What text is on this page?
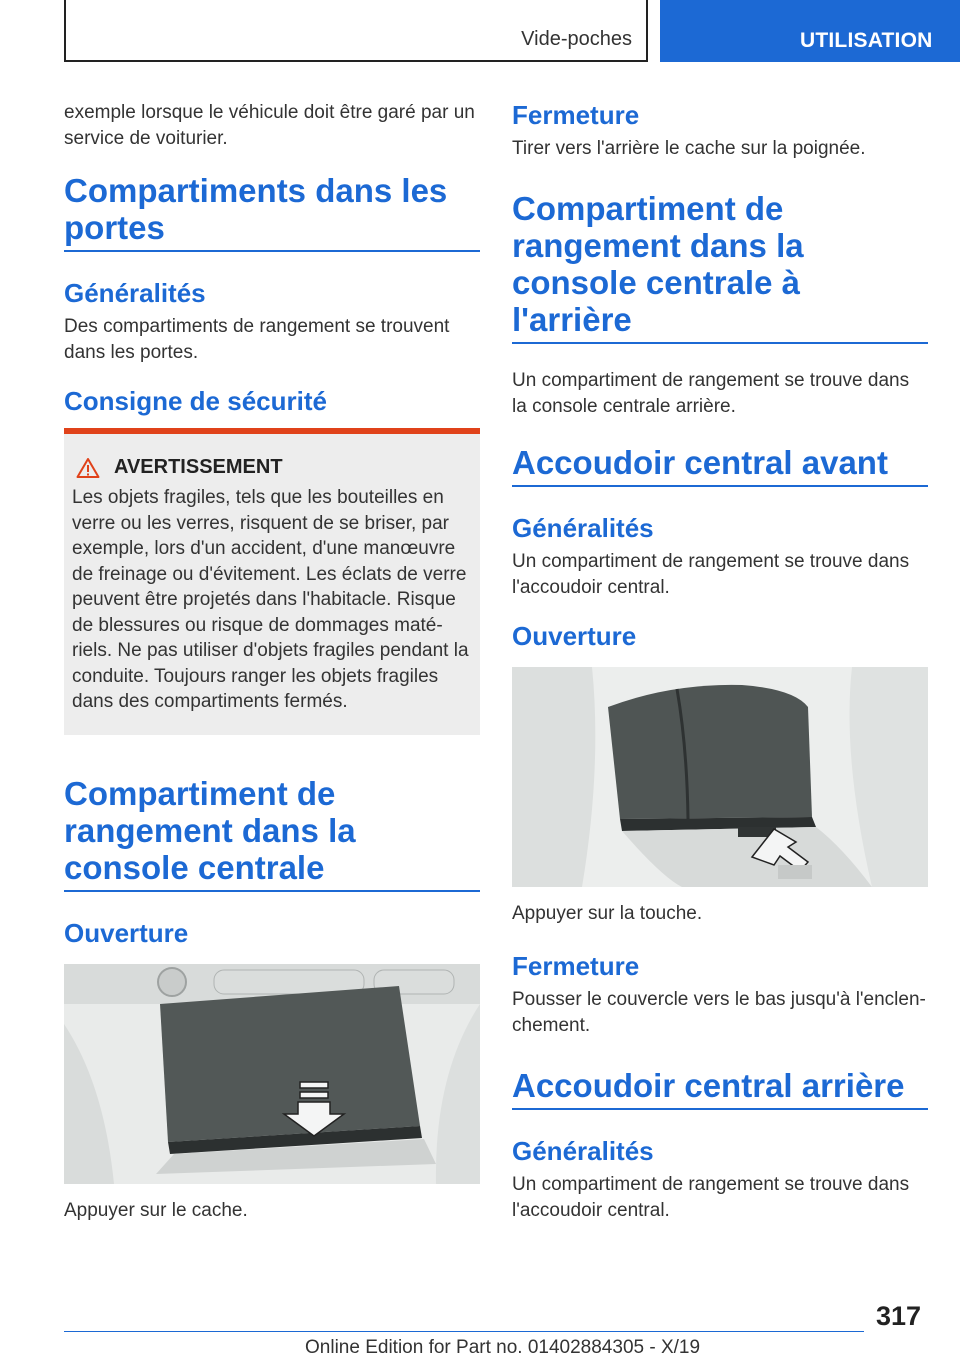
Vide-poches	UTILISATION

exemple lorsque le véhicule doit être garé par un service de voiturier.

Compartiments dans les portes
Généralités

Des compartiments de rangement se trouvent dans les portes.

Consigne de sécurité
AVERTISSEMENT

Les objets fragiles, tels que les bouteilles en verre ou les verres, risquent de se briser, par exemple, lors d'un accident, d'une manœuvre de freinage ou d'évitement. Les éclats de verre peuvent être projetés dans l'habitacle. Risque de blessures ou risque de dommages matériels. Ne pas utiliser d'objets fragiles pendant la conduite. Toujours ranger les objets fragiles dans des compartiments fermés.

Compartiment de rangement dans la console centrale
Ouverture

Appuyer sur le cache.

Fermeture

Tirer vers l'arrière le cache sur la poignée.

Compartiment de rangement dans la console centrale à l'arrière

Un compartiment de rangement se trouve dans la console centrale arrière.

Accoudoir central avant
Généralités

Un compartiment de rangement se trouve dans l'accoudoir central.

Ouverture

Appuyer sur la touche.

Fermeture

Pousser le couvercle vers le bas jusqu'à l'enclenchement.

Accoudoir central arrière
Généralités

Un compartiment de rangement se trouve dans l'accoudoir central.

317
Online Edition for Part no. 01402884305 - X/19
